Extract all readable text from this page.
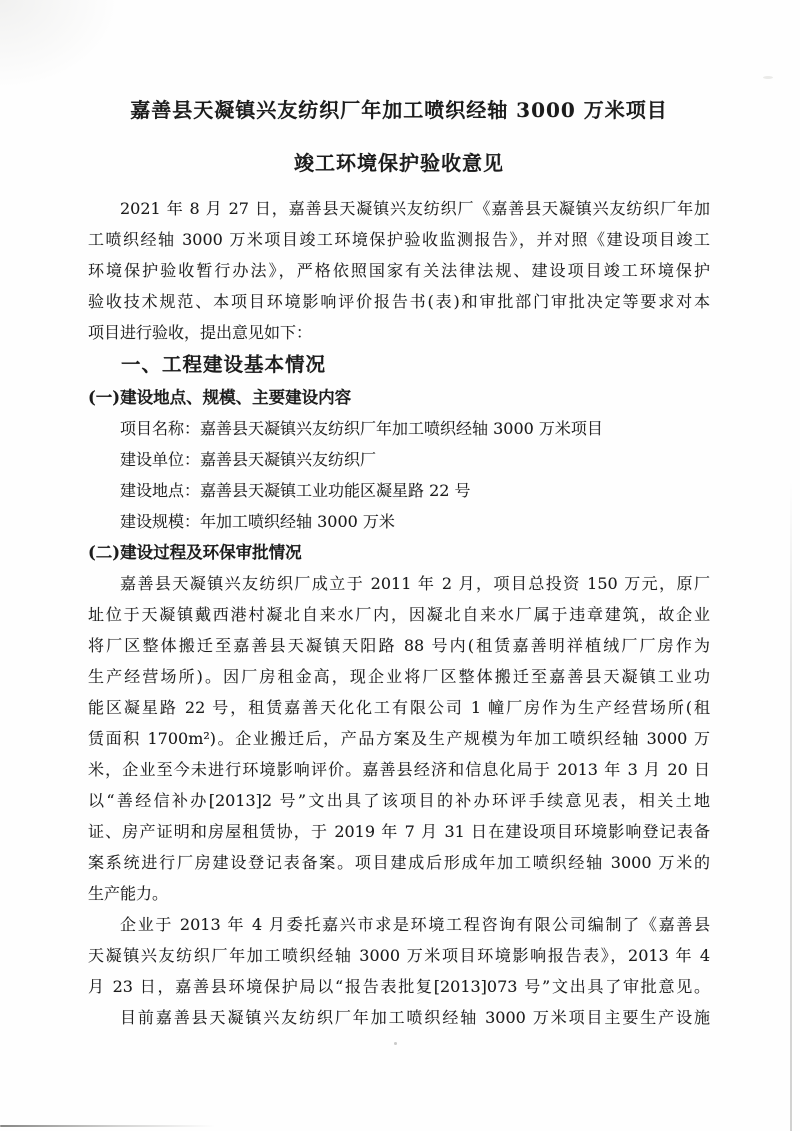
嘉善县天凝镇兴友纺织厂年加工喷织经轴 3000 万米项目
竣工环境保护验收意见
2021 年 8 月 27 日，嘉善县天凝镇兴友纺织厂《嘉善县天凝镇兴友纺织厂年加
工喷织经轴 3000 万米项目竣工环境保护验收监测报告》，并对照《建设项目竣工
环境保护验收暂行办法》，严格依照国家有关法律法规、建设项目竣工环境保护
验收技术规范、本项目环境影响评价报告书(表)和审批部门审批决定等要求对本
项目进行验收，提出意见如下：
一、工程建设基本情况
(一)建设地点、规模、主要建设内容
项目名称：嘉善县天凝镇兴友纺织厂年加工喷织经轴 3000 万米项目
建设单位：嘉善县天凝镇兴友纺织厂
建设地点：嘉善县天凝镇工业功能区凝星路 22 号
建设规模：年加工喷织经轴 3000 万米
(二)建设过程及环保审批情况
嘉善县天凝镇兴友纺织厂成立于 2011 年 2 月，项目总投资 150 万元，原厂
址位于天凝镇戴西港村凝北自来水厂内，因凝北自来水厂属于违章建筑，故企业
将厂区整体搬迁至嘉善县天凝镇天阳路 88 号内(租赁嘉善明祥植绒厂厂房作为
生产经营场所)。因厂房租金高，现企业将厂区整体搬迁至嘉善县天凝镇工业功
能区凝星路 22 号，租赁嘉善天化化工有限公司 1 幢厂房作为生产经营场所(租
赁面积 1700m²)。企业搬迁后，产品方案及生产规模为年加工喷织经轴 3000 万
米，企业至今未进行环境影响评价。嘉善县经济和信息化局于 2013 年 3 月 20 日
以“善经信补办[2013]2 号”文出具了该项目的补办环评手续意见表，相关土地
证、房产证明和房屋租赁协，于 2019 年 7 月 31 日在建设项目环境影响登记表备
案系统进行厂房建设登记表备案。项目建成后形成年加工喷织经轴 3000 万米的
生产能力。
企业于 2013 年 4 月委托嘉兴市求是环境工程咨询有限公司编制了《嘉善县
天凝镇兴友纺织厂年加工喷织经轴 3000 万米项目环境影响报告表》，2013 年 4
月 23 日，嘉善县环境保护局以“报告表批复[2013]073 号”文出具了审批意见。
目前嘉善县天凝镇兴友纺织厂年加工喷织经轴 3000 万米项目主要生产设施
